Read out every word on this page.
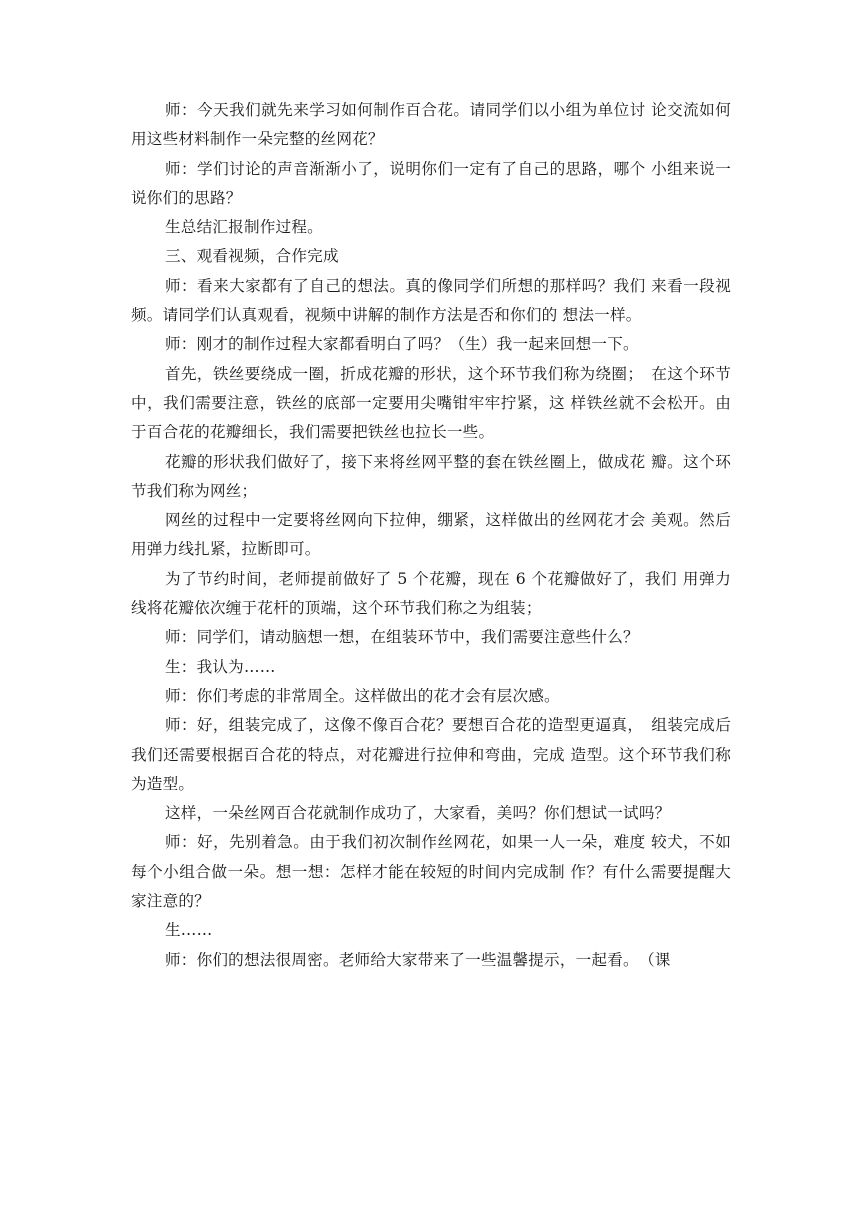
师：今天我们就先来学习如何制作百合花。请同学们以小组为单位讨 论交流如何用这些材料制作一朵完整的丝网花？

师：学们讨论的声音渐渐小了，说明你们一定有了自己的思路，哪个 小组来说一说你们的思路？

生总结汇报制作过程。

三、观看视频，合作完成

师：看来大家都有了自己的想法。真的像同学们所想的那样吗？我们 来看一段视频。请同学们认真观看，视频中讲解的制作方法是否和你们的 想法一样。

师：刚才的制作过程大家都看明白了吗？（生）我一起来回想一下。

首先，铁丝要绕成一圈，折成花瓣的形状，这个环节我们称为绕圈；　在这个环节中，我们需要注意，铁丝的底部一定要用尖嘴钳牢牢拧紧，这 样铁丝就不会松开。由于百合花的花瓣细长，我们需要把铁丝也拉长一些。

花瓣的形状我们做好了，接下来将丝网平整的套在铁丝圈上，做成花 瓣。这个环节我们称为网丝；

网丝的过程中一定要将丝网向下拉伸，绷紧，这样做出的丝网花才会 美观。然后用弹力线扎紧，拉断即可。

为了节约时间，老师提前做好了 5 个花瓣，现在 6 个花瓣做好了，我们 用弹力线将花瓣依次缠于花杆的顶端，这个环节我们称之为组装；

师：同学们，请动脑想一想，在组装环节中，我们需要注意些什么？

生：我认为……

师：你们考虑的非常周全。这样做出的花才会有层次感。

师：好，组装完成了，这像不像百合花？要想百合花的造型更逼真，　组装完成后我们还需要根据百合花的特点，对花瓣进行拉伸和弯曲，完成 造型。这个环节我们称为造型。

这样，一朵丝网百合花就制作成功了，大家看，美吗？你们想试一试吗？

师：好，先别着急。由于我们初次制作丝网花，如果一人一朵，难度 较犬，不如每个小组合做一朵。想一想：怎样才能在较短的时间内完成制 作？有什么需要提醒大家注意的？

生……

师：你们的想法很周密。老师给大家带来了一些温馨提示，一起看。　（课
